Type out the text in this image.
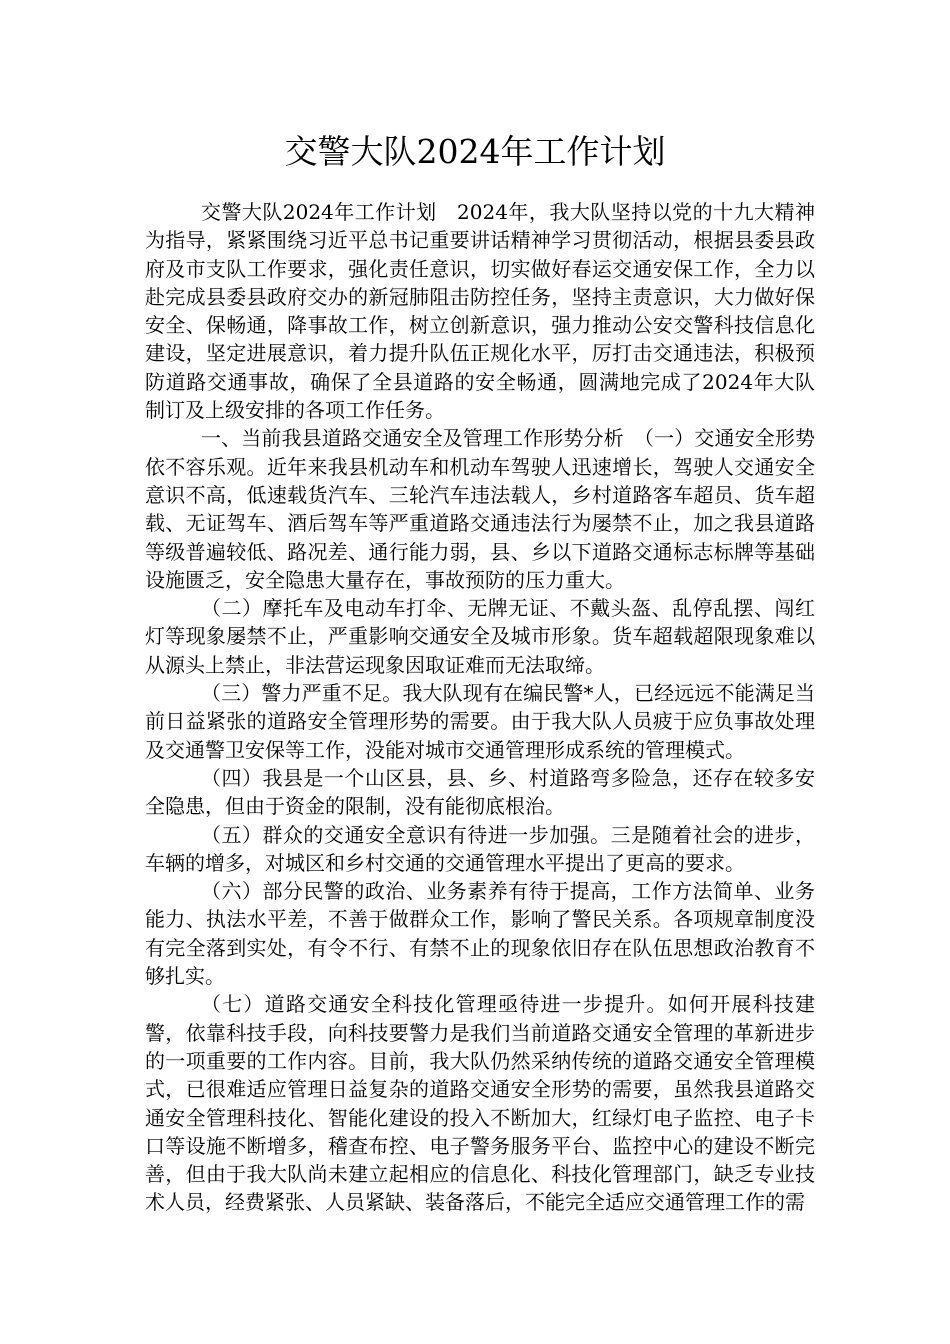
交警大队2024年工作计划

交警大队2024年工作计划　2024年，我大队坚持以党的十九大精神为指导，紧紧围绕习近平总书记重要讲话精神学习贯彻活动，根据县委县政府及市支队工作要求，强化责任意识，切实做好春运交通安保工作，全力以赴完成县委县政府交办的新冠肺阻击防控任务，坚持主责意识，大力做好保安全、保畅通，降事故工作，树立创新意识，强力推动公安交警科技信息化建设，坚定进展意识，着力提升队伍正规化水平，厉打击交通违法，积极预防道路交通事故，确保了全县道路的安全畅通，圆满地完成了2024年大队制订及上级安排的各项工作任务。

一、当前我县道路交通安全及管理工作形势分析　（一）交通安全形势依不容乐观。近年来我县机动车和机动车驾驶人迅速增长，驾驶人交通安全意识不高，低速载货汽车、三轮汽车违法载人，乡村道路客车超员、货车超载、无证驾车、酒后驾车等严重道路交通违法行为屡禁不止，加之我县道路等级普遍较低、路况差、通行能力弱，县、乡以下道路交通标志标牌等基础设施匮乏，安全隐患大量存在，事故预防的压力重大。

（二）摩托车及电动车打伞、无牌无证、不戴头盔、乱停乱摆、闯红灯等现象屡禁不止，严重影响交通安全及城市形象。货车超载超限现象难以从源头上禁止，非法营运现象因取证难而无法取缔。

（三）警力严重不足。我大队现有在编民警*人，已经远远不能满足当前日益紧张的道路安全管理形势的需要。由于我大队人员疲于应负事故处理及交通警卫安保等工作，没能对城市交通管理形成系统的管理模式。

（四）我县是一个山区县，县、乡、村道路弯多险急，还存在较多安全隐患，但由于资金的限制，没有能彻底根治。

（五）群众的交通安全意识有待进一步加强。三是随着社会的进步，车辆的增多，对城区和乡村交通的交通管理水平提出了更高的要求。

（六）部分民警的政治、业务素养有待于提高，工作方法简单、业务能力、执法水平差，不善于做群众工作，影响了警民关系。各项规章制度没有完全落到实处，有令不行、有禁不止的现象依旧存在队伍思想政治教育不够扎实。

（七）道路交通安全科技化管理亟待进一步提升。如何开展科技建警，依靠科技手段，向科技要警力是我们当前道路交通安全管理的革新进步的一项重要的工作内容。目前，我大队仍然采纳传统的道路交通安全管理模式，已很难适应管理日益复杂的道路交通安全形势的需要，虽然我县道路交通安全管理科技化、智能化建设的投入不断加大，红绿灯电子监控、电子卡口等设施不断增多，稽查布控、电子警务服务平台、监控中心的建设不断完善，但由于我大队尚未建立起相应的信息化、科技化管理部门，缺乏专业技术人员，经费紧张、人员紧缺、装备落后，不能完全适应交通管理工作的需
